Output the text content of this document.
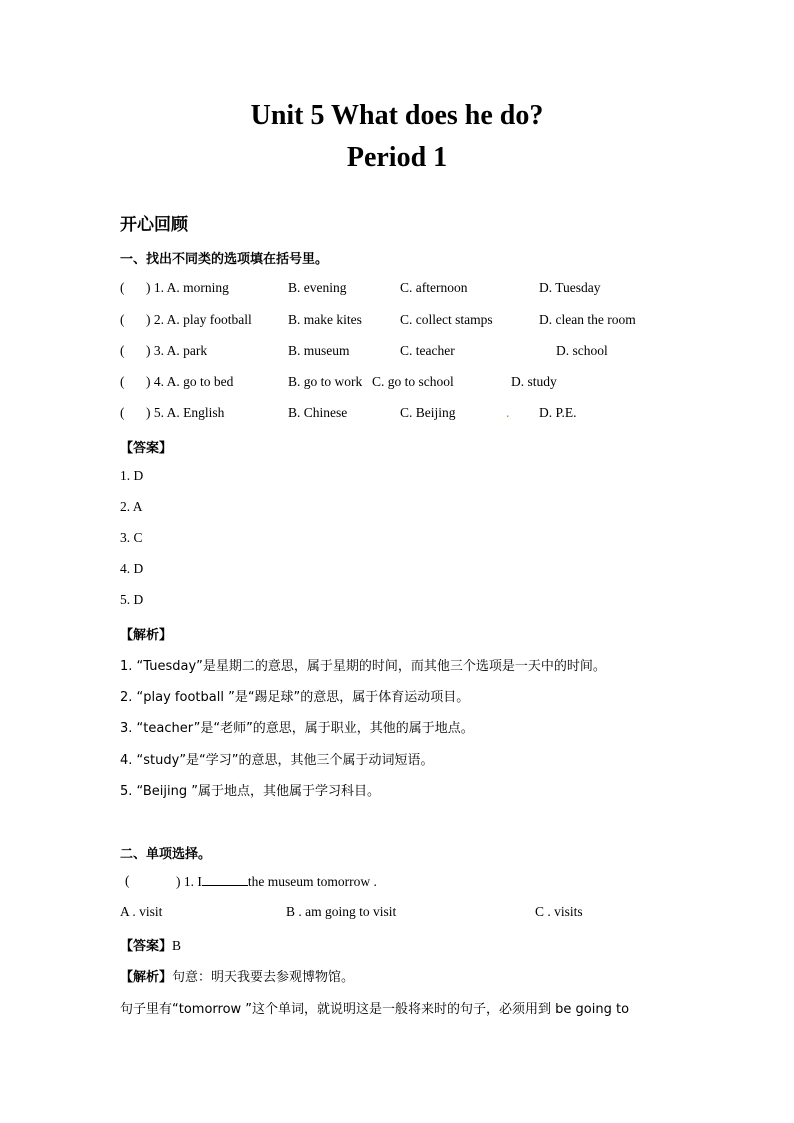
Unit 5 What does he do?
Period 1
开心回顾
一、找出不同类的选项填在括号里。
( ) 1. A. morning	B. evening	C. afternoon	D. Tuesday
( ) 2. A. play football	B. make kites	C. collect stamps	D. clean the room
( ) 3. A. park	B. museum	C. teacher	D. school
( ) 4. A. go to bed	B. go to work C. go to school	D. study
( ) 5. A. English	B. Chinese	C. Beijing	. D. P.E.
【答案】
1. D
2. A
3. C
4. D
5. D
【解析】
1. “Tuesday”是星期二的意思，属于星期的时间，而其他三个选项是一天中的时间。
2. “play football ”是“踢足球”的意思，属于体育运动项目。
3. “teacher”是“老师”的意思，属于职业，其他的属于地点。
4. “study”是“学习”的意思，其他三个属于动词短语。
5. “Beijing ”属于地点，其他属于学习科目。
二、单项选择。
(	) 1. I	the museum tomorrow .
A . visit	B . am going to visit	C . visits
【答案】B
【解析】句意：明天我要去参观博物馆。
句子里有“tomorrow ”这个单词，就说明这是一般将来时的句子，必须用到 be going to
